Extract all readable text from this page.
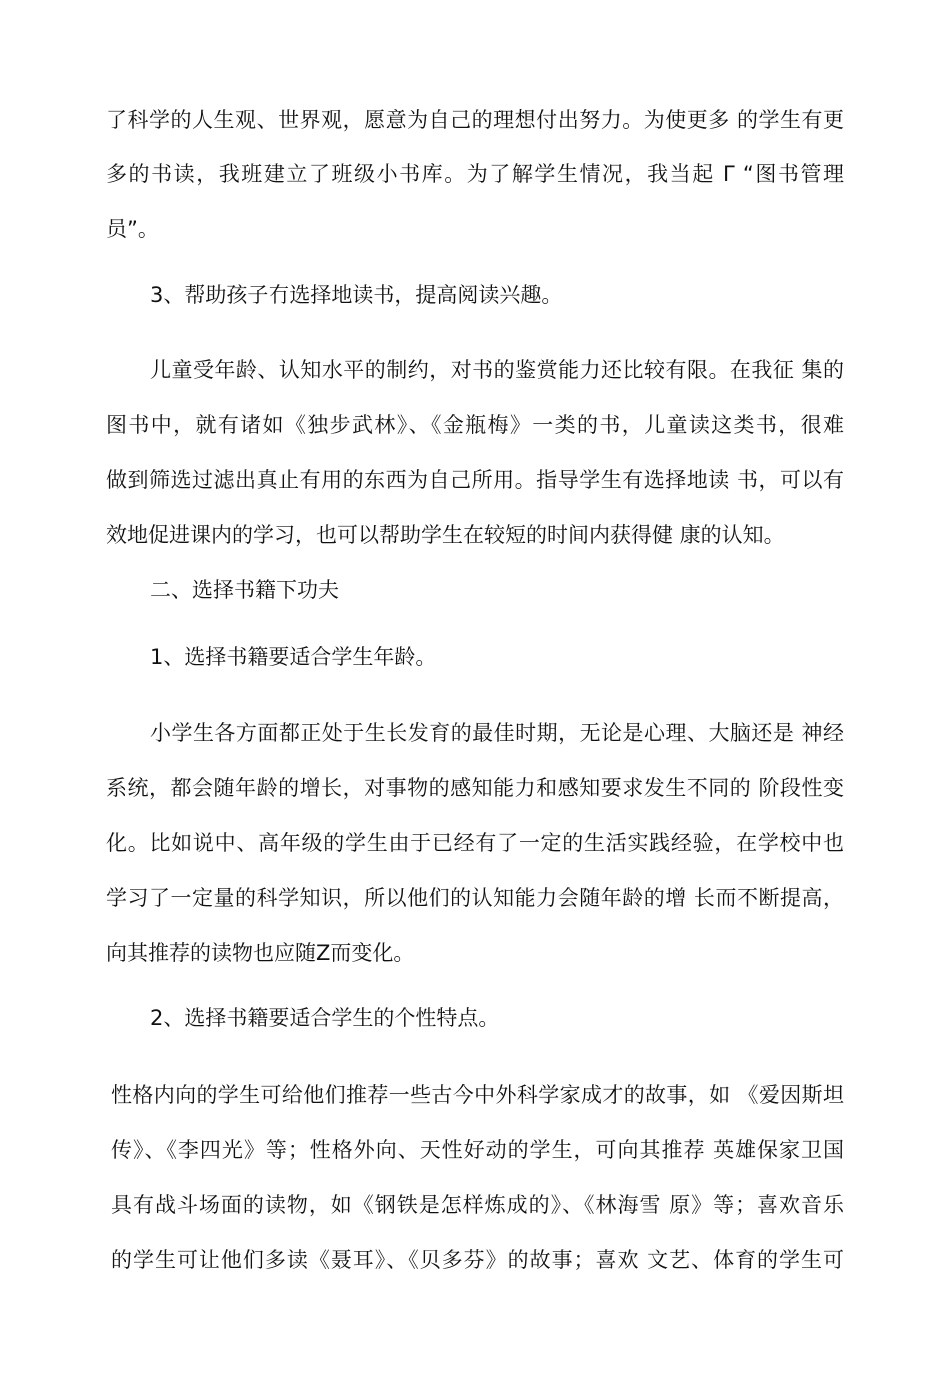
了科学的人生观、世界观，愿意为自己的理想付出努力。为使更多 的学生有更
多的书读，我班建立了班级小书库。为了解学生情况，我当起 Γ “图书管理
员”。
3、帮助孩子冇选择地读书，提高阅读兴趣。
儿童受年龄、认知水平的制约，对书的鉴赏能力还比较有限。在我征 集的
图书中，就有诸如《独步武林》、《金瓶梅》一类的书，儿童读这类书，很难
做到筛选过滤出真止有用的东西为自己所用。指导学生有选择地读 书，可以有
效地促进课内的学习，也可以帮助学生在较短的时间内获得健 康的认知。
二、选择书籍下功夫
1、选择书籍要适合学生年龄。
小学生各方面都正处于生长发育的最佳时期，无论是心理、大脑还是 神经
系统，都会随年龄的增长，对事物的感知能力和感知要求发生不同的 阶段性变
化。比如说中、高年级的学生由于已经有了一定的生活实践经验，在学校中也
学习了一定量的科学知识，所以他们的认知能力会随年龄的增 长而不断提高，
向其推荐的读物也应随Z而变化。
2、选择书籍要适合学生的个性特点。
性格内向的学生可给他们推荐一些古今中外科学家成才的故事，如 《爱因斯坦
传》、《李四光》等；性格外向、天性好动的学生，可向其推荐 英雄保家卫国
具有战斗场面的读物，如《钢铁是怎样炼成的》、《林海雪 原》等；喜欢音乐
的学生可让他们多读《聂耳》、《贝多芬》的故事；喜欢 文艺、体育的学生可
